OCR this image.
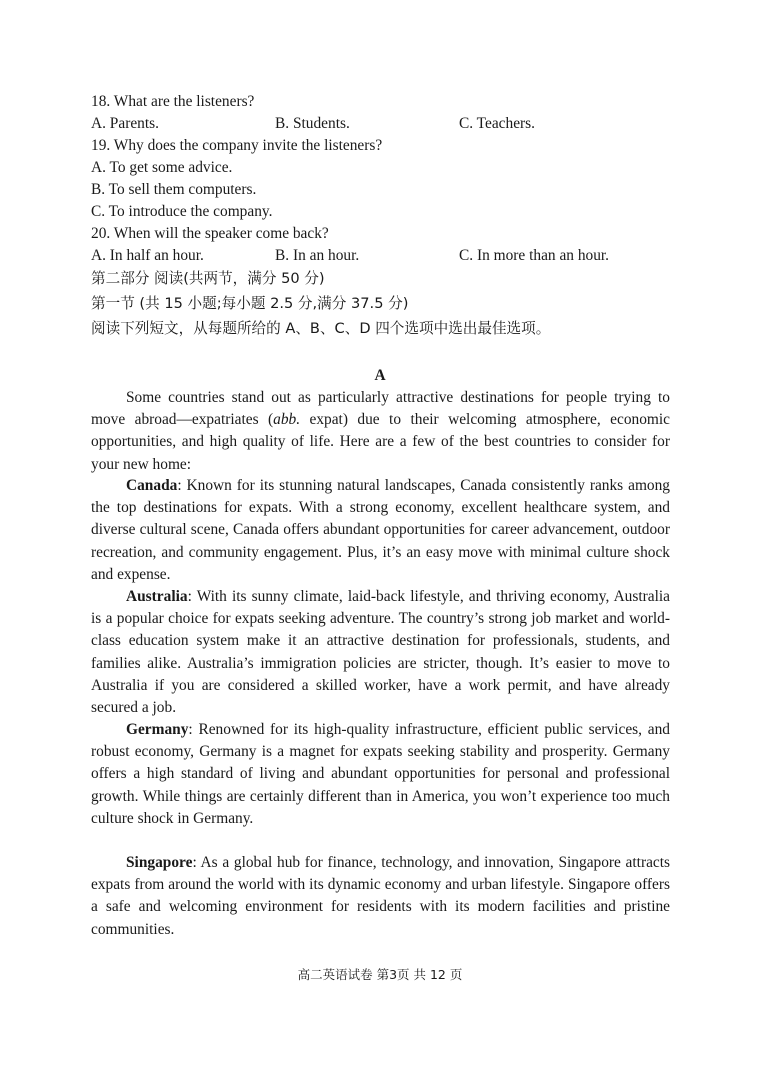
18. What are the listeners?
A. Parents.	B. Students.	C. Teachers.
19. Why does the company invite the listeners?
A. To get some advice.
B. To sell them computers.
C. To introduce the company.
20. When will the speaker come back?
A. In half an hour.	B. In an hour.	C. In more than an hour.
第二部分 阅读(共两节，满分 50 分)
第一节 (共 15 小题;每小题 2.5 分,满分 37.5 分)
阅读下列短文，从每题所给的 A、B、C、D 四个选项中选出最佳选项。
A
Some countries stand out as particularly attractive destinations for people trying to move abroad—expatriates (abb. expat) due to their welcoming atmosphere, economic opportunities, and high quality of life. Here are a few of the best countries to consider for your new home:
Canada: Known for its stunning natural landscapes, Canada consistently ranks among the top destinations for expats. With a strong economy, excellent healthcare system, and diverse cultural scene, Canada offers abundant opportunities for career advancement, outdoor recreation, and community engagement. Plus, it’s an easy move with minimal culture shock and expense.
Australia: With its sunny climate, laid-back lifestyle, and thriving economy, Australia is a popular choice for expats seeking adventure. The country’s strong job market and world-class education system make it an attractive destination for professionals, students, and families alike. Australia’s immigration policies are stricter, though. It’s easier to move to Australia if you are considered a skilled worker, have a work permit, and have already secured a job.
Germany: Renowned for its high-quality infrastructure, efficient public services, and robust economy, Germany is a magnet for expats seeking stability and prosperity. Germany offers a high standard of living and abundant opportunities for personal and professional growth. While things are certainly different than in America, you won’t experience too much culture shock in Germany.
Singapore: As a global hub for finance, technology, and innovation, Singapore attracts expats from around the world with its dynamic economy and urban lifestyle. Singapore offers a safe and welcoming environment for residents with its modern facilities and pristine communities.
高二英语试卷 第3页 共 12 页
